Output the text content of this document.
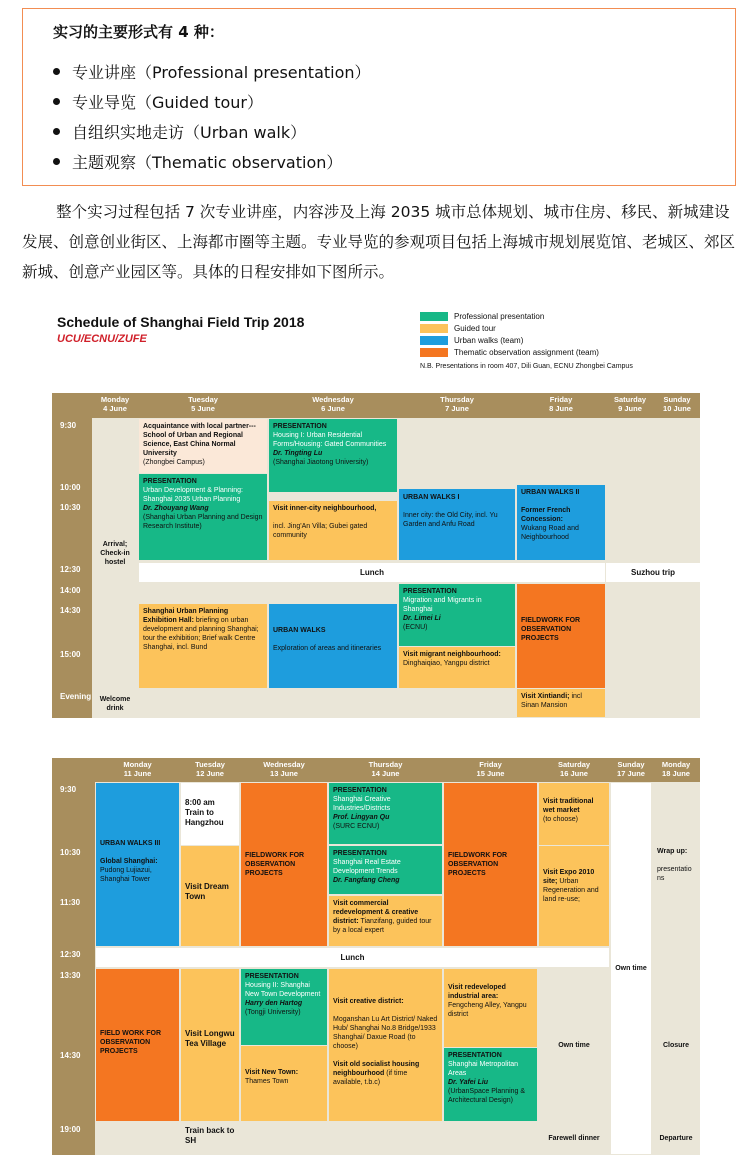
实习的主要形式有 4 种：
专业讲座（Professional presentation）
专业导览（Guided tour）
自组织实地走访（Urban walk）
主题观察（Thematic observation）

整个实习过程包括 7 次专业讲座，内容涉及上海 2035 城市总体规划、城市住房、移民、新城建设发展、创意创业街区、上海都市圈等主题。专业导览的参观项目包括上海城市规划展览馆、老城区、郊区新城、创意产业园区等。具体的日程安排如下图所示。

Schedule of Shanghai Field Trip 2018
UCU/ECNU/ZUFE
Professional presentation
Guided tour
Urban walks (team)
Thematic observation assignment (team)
N.B. Presentations in room 407, Dili Guan, ECNU Zhongbei Campus
Monday
4 June
Tuesday
5 June
Wednesday
6 June
Thursday
7 June
Friday
8 June
Saturday
9 June
Sunday
10 June
9:30
10:00
10:30
12:30
14:00
14:30
15:00
Evening
Arrival; Check-in hostel
Welcome drink
Acquaintance with local partner--- School of Urban and Regional Science, East China Normal University
(Zhongbei Campus)
PRESENTATION
Urban Development & Planning: Shanghai 2035 Urban Planning
Dr. Zhouyang Wang
(Shanghai Urban Planning and Design Research Institute)
Shanghai Urban Planning Exhibition Hall: briefing on urban development and planning Shanghai; tour the exhibition; Brief walk Centre Shanghai, incl. Bund
PRESENTATION
Housing I: Urban Residential Forms/Housing: Gated Communities
Dr. Tingting Lu
(Shanghai Jiaotong University)
Visit inner-city neighbourhood,

incl. Jing'An Villa; Gubei gated community
URBAN WALKS

Exploration of areas and itineraries
URBAN WALKS I

Inner city: the Old City, incl. Yu Garden and Anfu Road
PRESENTATION
Migration and Migrants in Shanghai
Dr. Limei Li
(ECNU)
Visit migrant neighbourhood:
Dinghaiqiao, Yangpu district
URBAN WALKS II

Former French Concession:
Wukang Road and Neighbourhood
FIELDWORK FOR OBSERVATION PROJECTS
Visit Xintiandi; incl Sinan Mansion
Lunch	Suzhou trip
Monday
11 June
Tuesday
12 June
Wednesday
13 June
Thursday
14 June
Friday
15 June
Saturday
16 June
Sunday
17 June
Monday
18 June
9:30
10:30
11:30
12:30
13:30
14:30
19:00
URBAN WALKS III

Global Shanghai:
Pudong Lujiazui, Shanghai Tower
FIELD WORK FOR OBSERVATION PROJECTS
8:00 am Train to Hangzhou
Visit Dream Town
Visit Longwu Tea Village
Train back to SH
FIELDWORK FOR OBSERVATION PROJECTS
PRESENTATION
Housing II: Shanghai New Town Development
Harry den Hartog
(Tongji University)
Visit New Town:
Thames Town
PRESENTATION
Shanghai Creative Industries/Districts
Prof. Lingyan Qu
(SURC ECNU)
PRESENTATION
Shanghai Real Estate Development Trends
Dr. Fangfang Cheng
Visit commercial redevelopment & creative district: Tianzifang, guided tour by a local expert
Visit creative district:

Moganshan Lu Art District/ Naked Hub/ Shanghai No.8 Bridge/1933 Shanghai/ Daxue Road (to choose)

Visit old socialist housing neighbourhood (if time available, t.b.c)
FIELDWORK FOR OBSERVATION PROJECTS
Visit redeveloped industrial area:
Fengcheng Alley, Yangpu district
PRESENTATION
Shanghai Metropolitan Areas
Dr. Yafei Liu
(UrbanSpace Planning & Architectural Design)
Visit traditional wet market
(to choose)
Visit Expo 2010 site; Urban Regeneration and land re-use;
Own time
Farewell dinner
Own time
Wrap up:

presentations
Closure
Departure
Lunch
